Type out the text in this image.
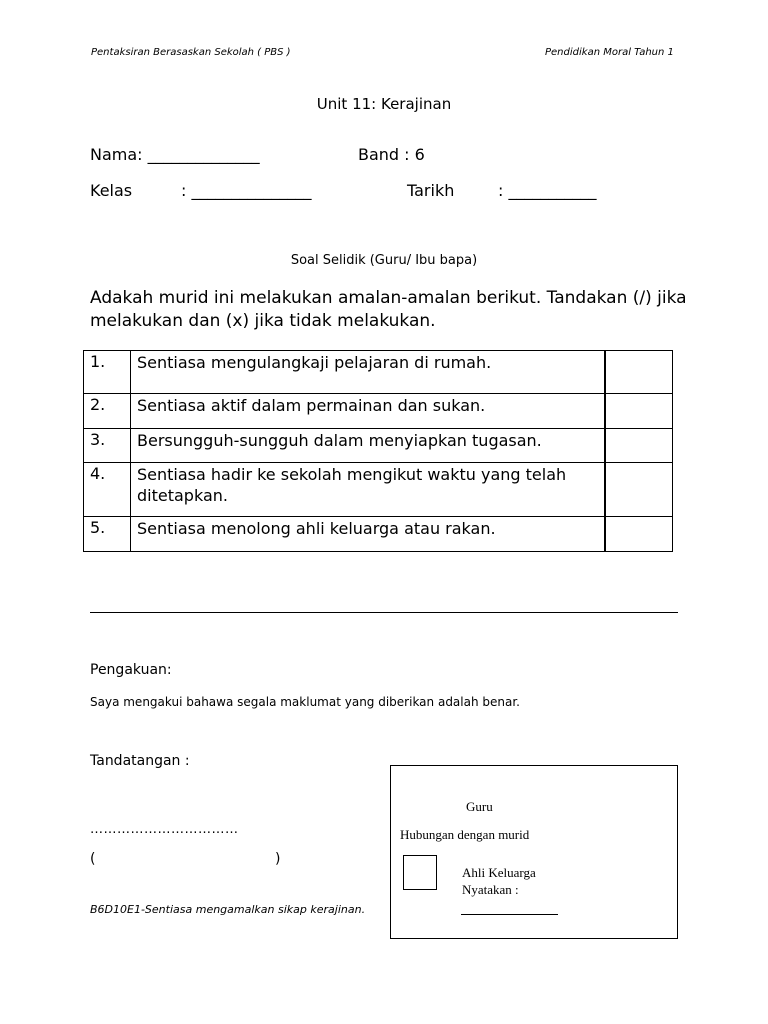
Pentaksiran Berasaskan Sekolah ( PBS )	Pendidikan Moral Tahun 1
Unit 11: Kerajinan
Nama: ______________	Band : 6
Kelas	: _______________	Tarikh	: ___________
Soal Selidik (Guru/ Ibu bapa)
Adakah murid ini melakukan amalan-amalan berikut. Tandakan (/) jika melakukan dan (x) jika tidak melakukan.
1.	Sentiasa mengulangkaji pelajaran di rumah.	
2.	Sentiasa aktif dalam permainan dan sukan.	
3.	Bersungguh-sungguh dalam menyiapkan tugasan.	
4.	Sentiasa hadir ke sekolah mengikut waktu yang telah ditetapkan.	
5.	Sentiasa menolong ahli keluarga atau rakan.	
Pengakuan:
Saya mengakui bahawa segala maklumat yang diberikan adalah benar.
Tandatangan :
……………………………
(	)
B6D10E1-Sentiasa mengamalkan sikap kerajinan.
Guru
Hubungan dengan murid
Ahli Keluarga
Nyatakan :
